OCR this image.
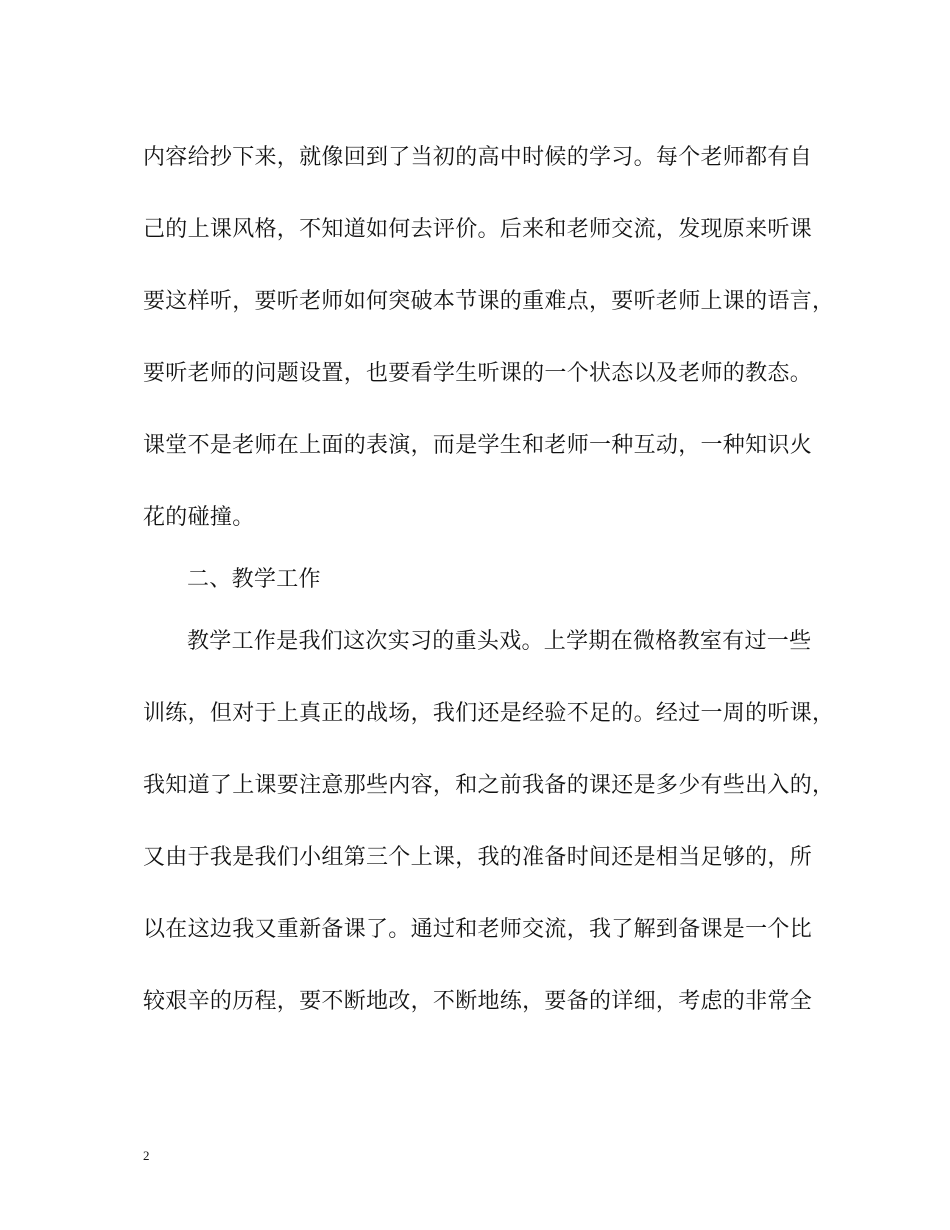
内容给抄下来，就像回到了当初的高中时候的学习。每个老师都有自
己的上课风格，不知道如何去评价。后来和老师交流，发现原来听课
要这样听，要听老师如何突破本节课的重难点，要听老师上课的语言，
要听老师的问题设置，也要看学生听课的一个状态以及老师的教态。
课堂不是老师在上面的表演，而是学生和老师一种互动，一种知识火
花的碰撞。
二、教学工作
教学工作是我们这次实习的重头戏。上学期在微格教室有过一些
训练，但对于上真正的战场，我们还是经验不足的。经过一周的听课，
我知道了上课要注意那些内容，和之前我备的课还是多少有些出入的，
又由于我是我们小组第三个上课，我的准备时间还是相当足够的，所
以在这边我又重新备课了。通过和老师交流，我了解到备课是一个比
较艰辛的历程，要不断地改，不断地练，要备的详细，考虑的非常全
2
